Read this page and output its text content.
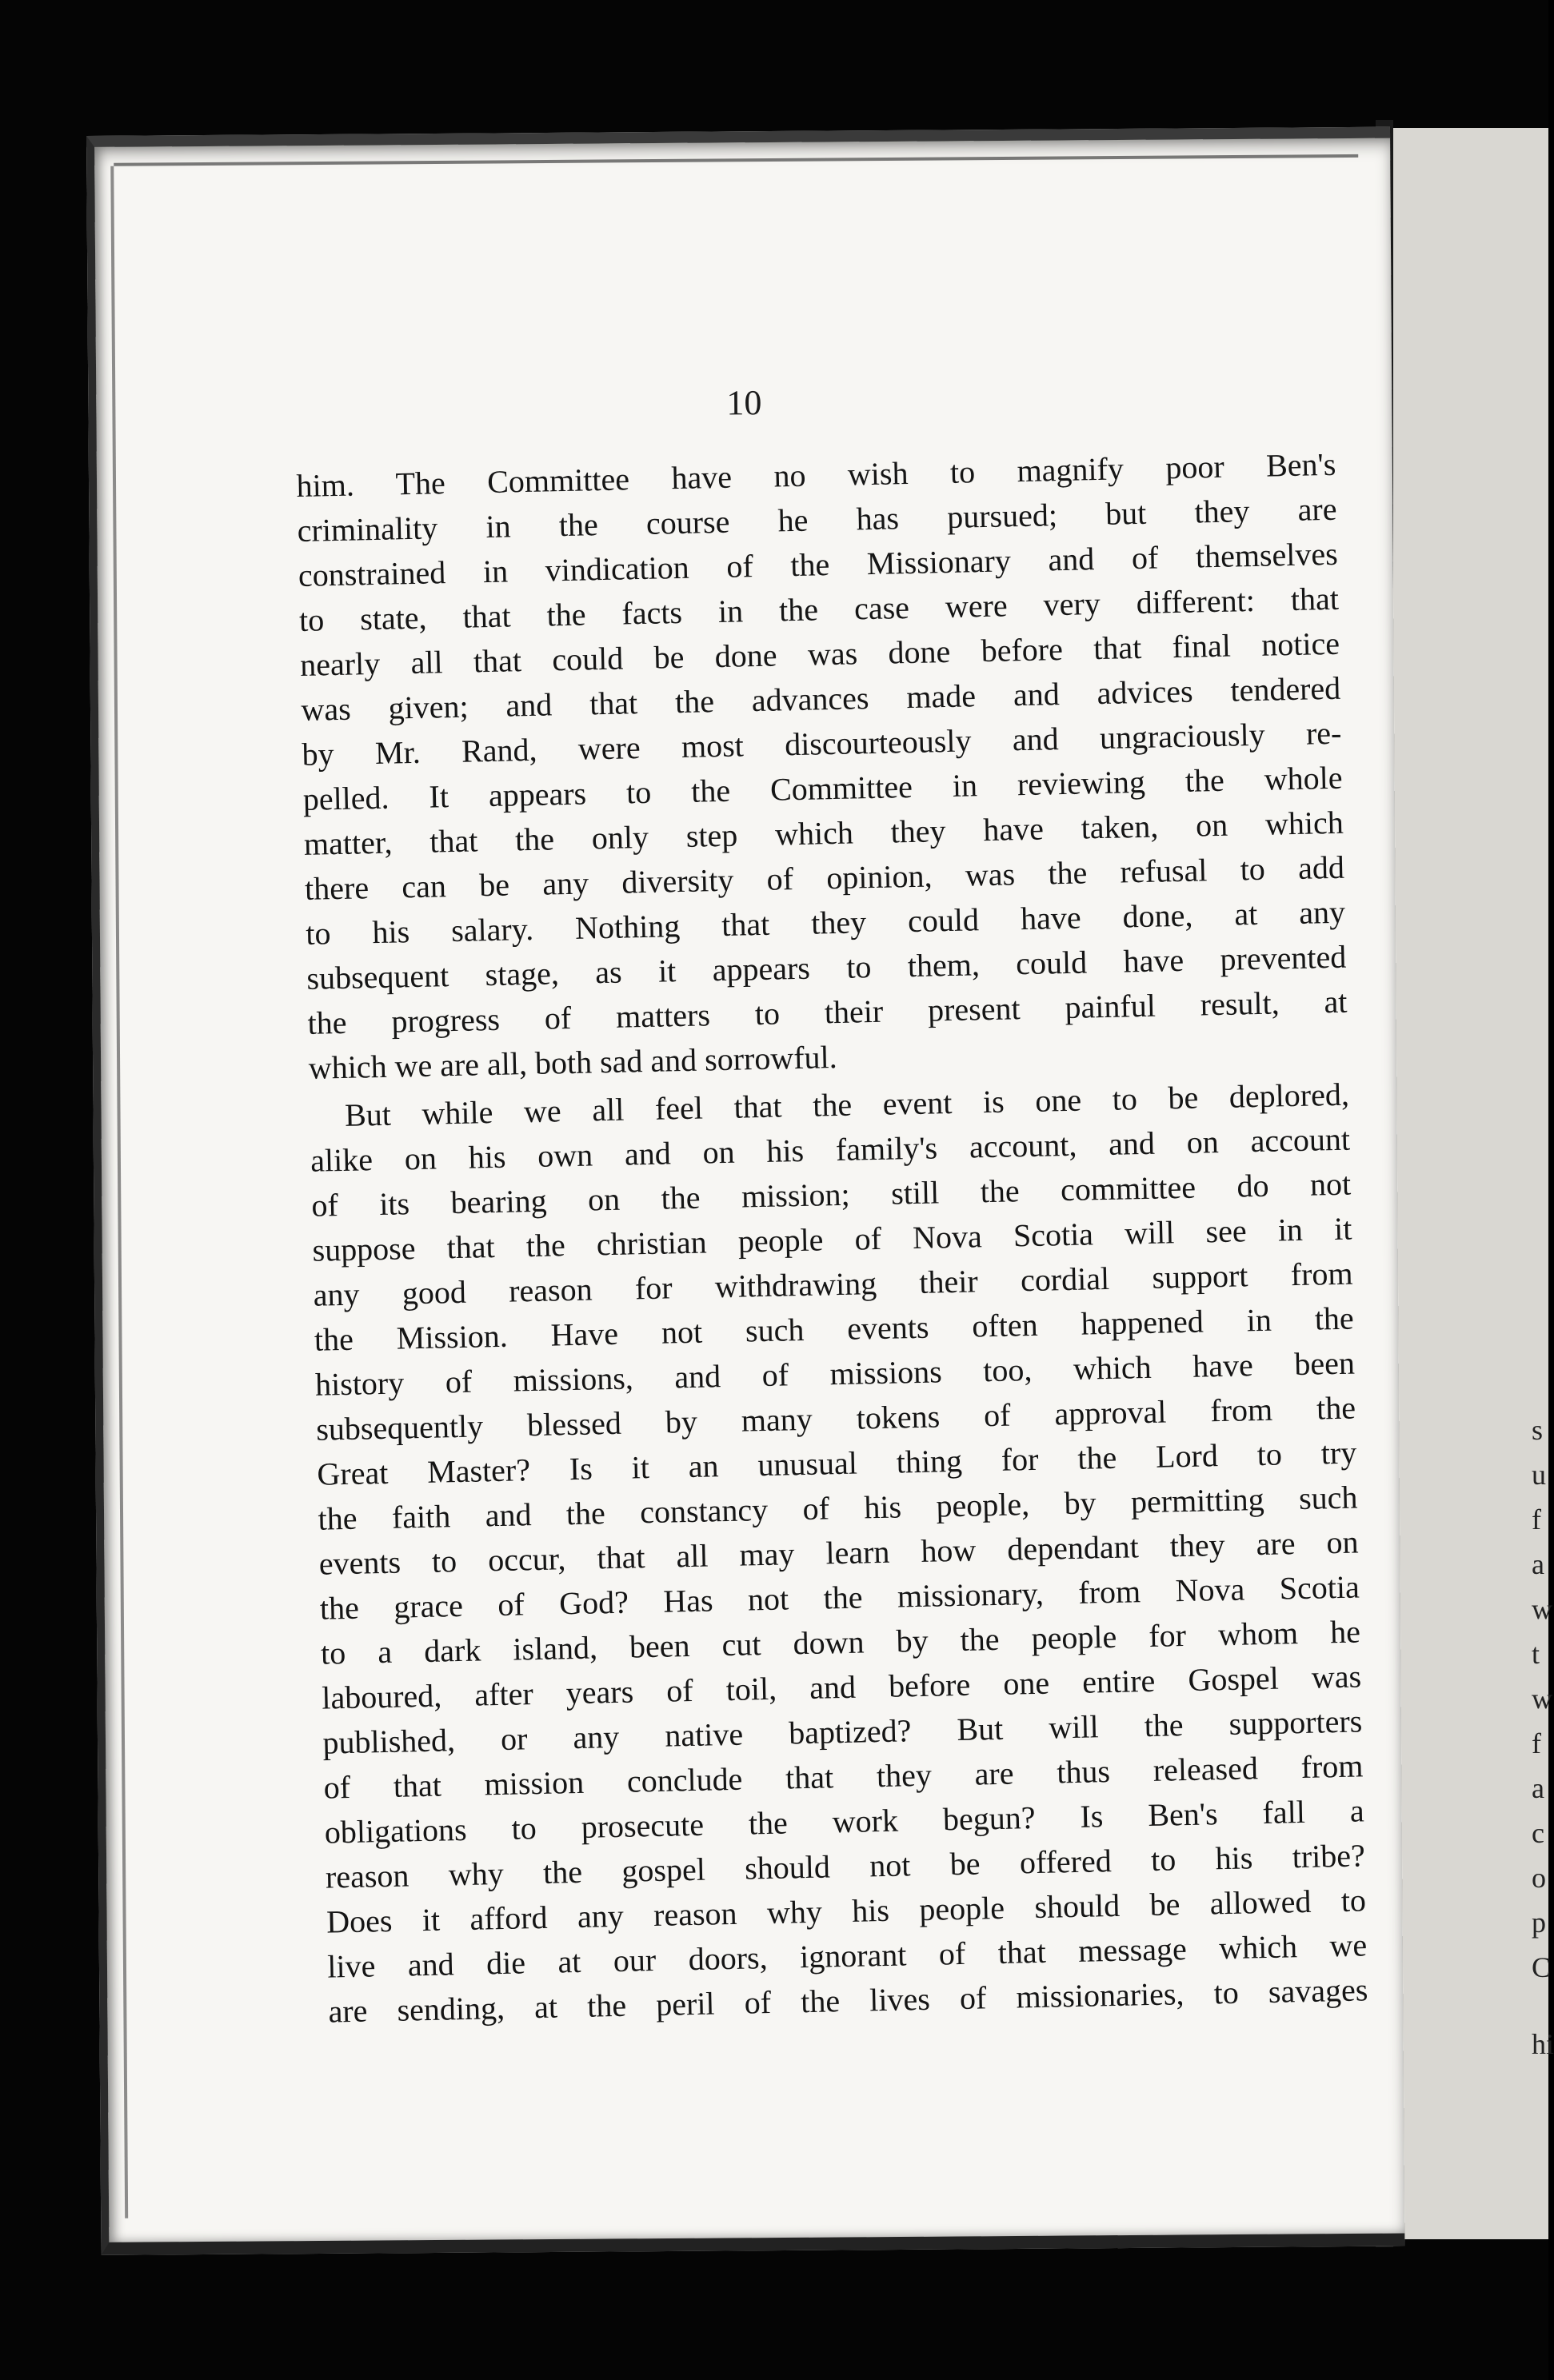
10
him. The Committee have no wish to magnify poor Ben's
criminality in the course he has pursued; but they are
constrained in vindication of the Missionary and of themselves
to state, that the facts in the case were very different: that
nearly all that could be done was done before that final notice
was given; and that the advances made and advices tendered
by Mr. Rand, were most discourteously and ungraciously re-
pelled. It appears to the Committee in reviewing the whole
matter, that the only step which they have taken, on which
there can be any diversity of opinion, was the refusal to add
to his salary. Nothing that they could have done, at any
subsequent stage, as it appears to them, could have prevented
the progress of matters to their present painful result, at
which we are all, both sad and sorrowful.
But while we all feel that the event is one to be deplored,
alike on his own and on his family's account, and on account
of its bearing on the mission; still the committee do not
suppose that the christian people of Nova Scotia will see in it
any good reason for withdrawing their cordial support from
the Mission. Have not such events often happened in the
history of missions, and of missions too, which have been
subsequently blessed by many tokens of approval from the
Great Master? Is it an unusual thing for the Lord to try
the faith and the constancy of his people, by permitting such
events to occur, that all may learn how dependant they are on
the grace of God? Has not the missionary, from Nova Scotia
to a dark island, been cut down by the people for whom he
laboured, after years of toil, and before one entire Gospel was
published, or any native baptized? But will the supporters
of that mission conclude that they are thus released from
obligations to prosecute the work begun? Is Ben's fall a
reason why the gospel should not be offered to his tribe?
Does it afford any reason why his people should be allowed to
live and die at our doors, ignorant of that message which we
are sending, at the peril of the lives of missionaries, to savages
s
u
f
a
w
t
w
f
a
c
o
p
C
hi
